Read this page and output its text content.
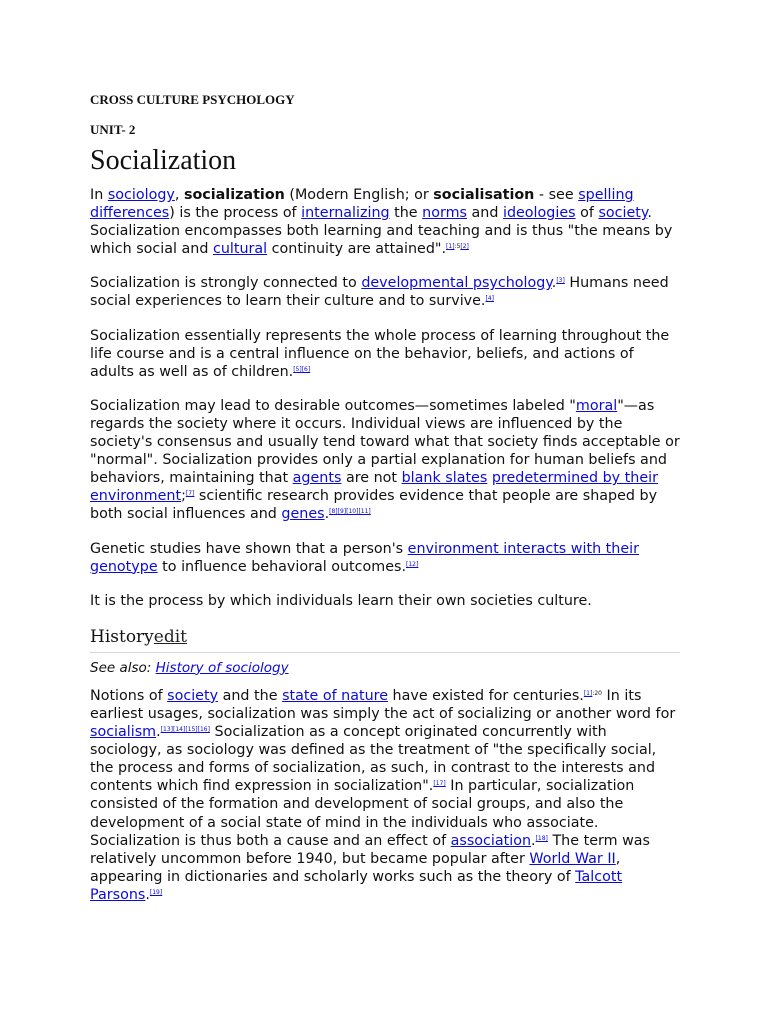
CROSS CULTURE PSYCHOLOGY
UNIT- 2
Socialization

In sociology, socialization (Modern English; or socialisation - see spelling differences) is the process of internalizing the norms and ideologies of society. Socialization encompasses both learning and teaching and is thus "the means by which social and cultural continuity are attained".[1]:5[2]

Socialization is strongly connected to developmental psychology.[3] Humans need social experiences to learn their culture and to survive.[4]

Socialization essentially represents the whole process of learning throughout the life course and is a central influence on the behavior, beliefs, and actions of adults as well as of children.[5][6]

Socialization may lead to desirable outcomes—sometimes labeled "moral"—as regards the society where it occurs. Individual views are influenced by the society's consensus and usually tend toward what that society finds acceptable or "normal". Socialization provides only a partial explanation for human beliefs and behaviors, maintaining that agents are not blank slates predetermined by their environment;[7] scientific research provides evidence that people are shaped by both social influences and genes.[8][9][10][11]

Genetic studies have shown that a person's environment interacts with their genotype to influence behavioral outcomes.[12]

It is the process by which individuals learn their own societies culture.

Historyedit

See also: History of sociology

Notions of society and the state of nature have existed for centuries.$^{[1]:20}$ In its earliest usages, socialization was simply the act of socializing or another word for socialism.[13][14][15][16] Socialization as a concept originated concurrently with sociology, as sociology was defined as the treatment of "the specifically social, the process and forms of socialization, as such, in contrast to the interests and contents which find expression in socialization".[17] In particular, socialization consisted of the formation and development of social groups, and also the development of a social state of mind in the individuals who associate. Socialization is thus both a cause and an effect of association.[18] The term was relatively uncommon before 1940, but became popular after World War II, appearing in dictionaries and scholarly works such as the theory of Talcott Parsons.[19]
